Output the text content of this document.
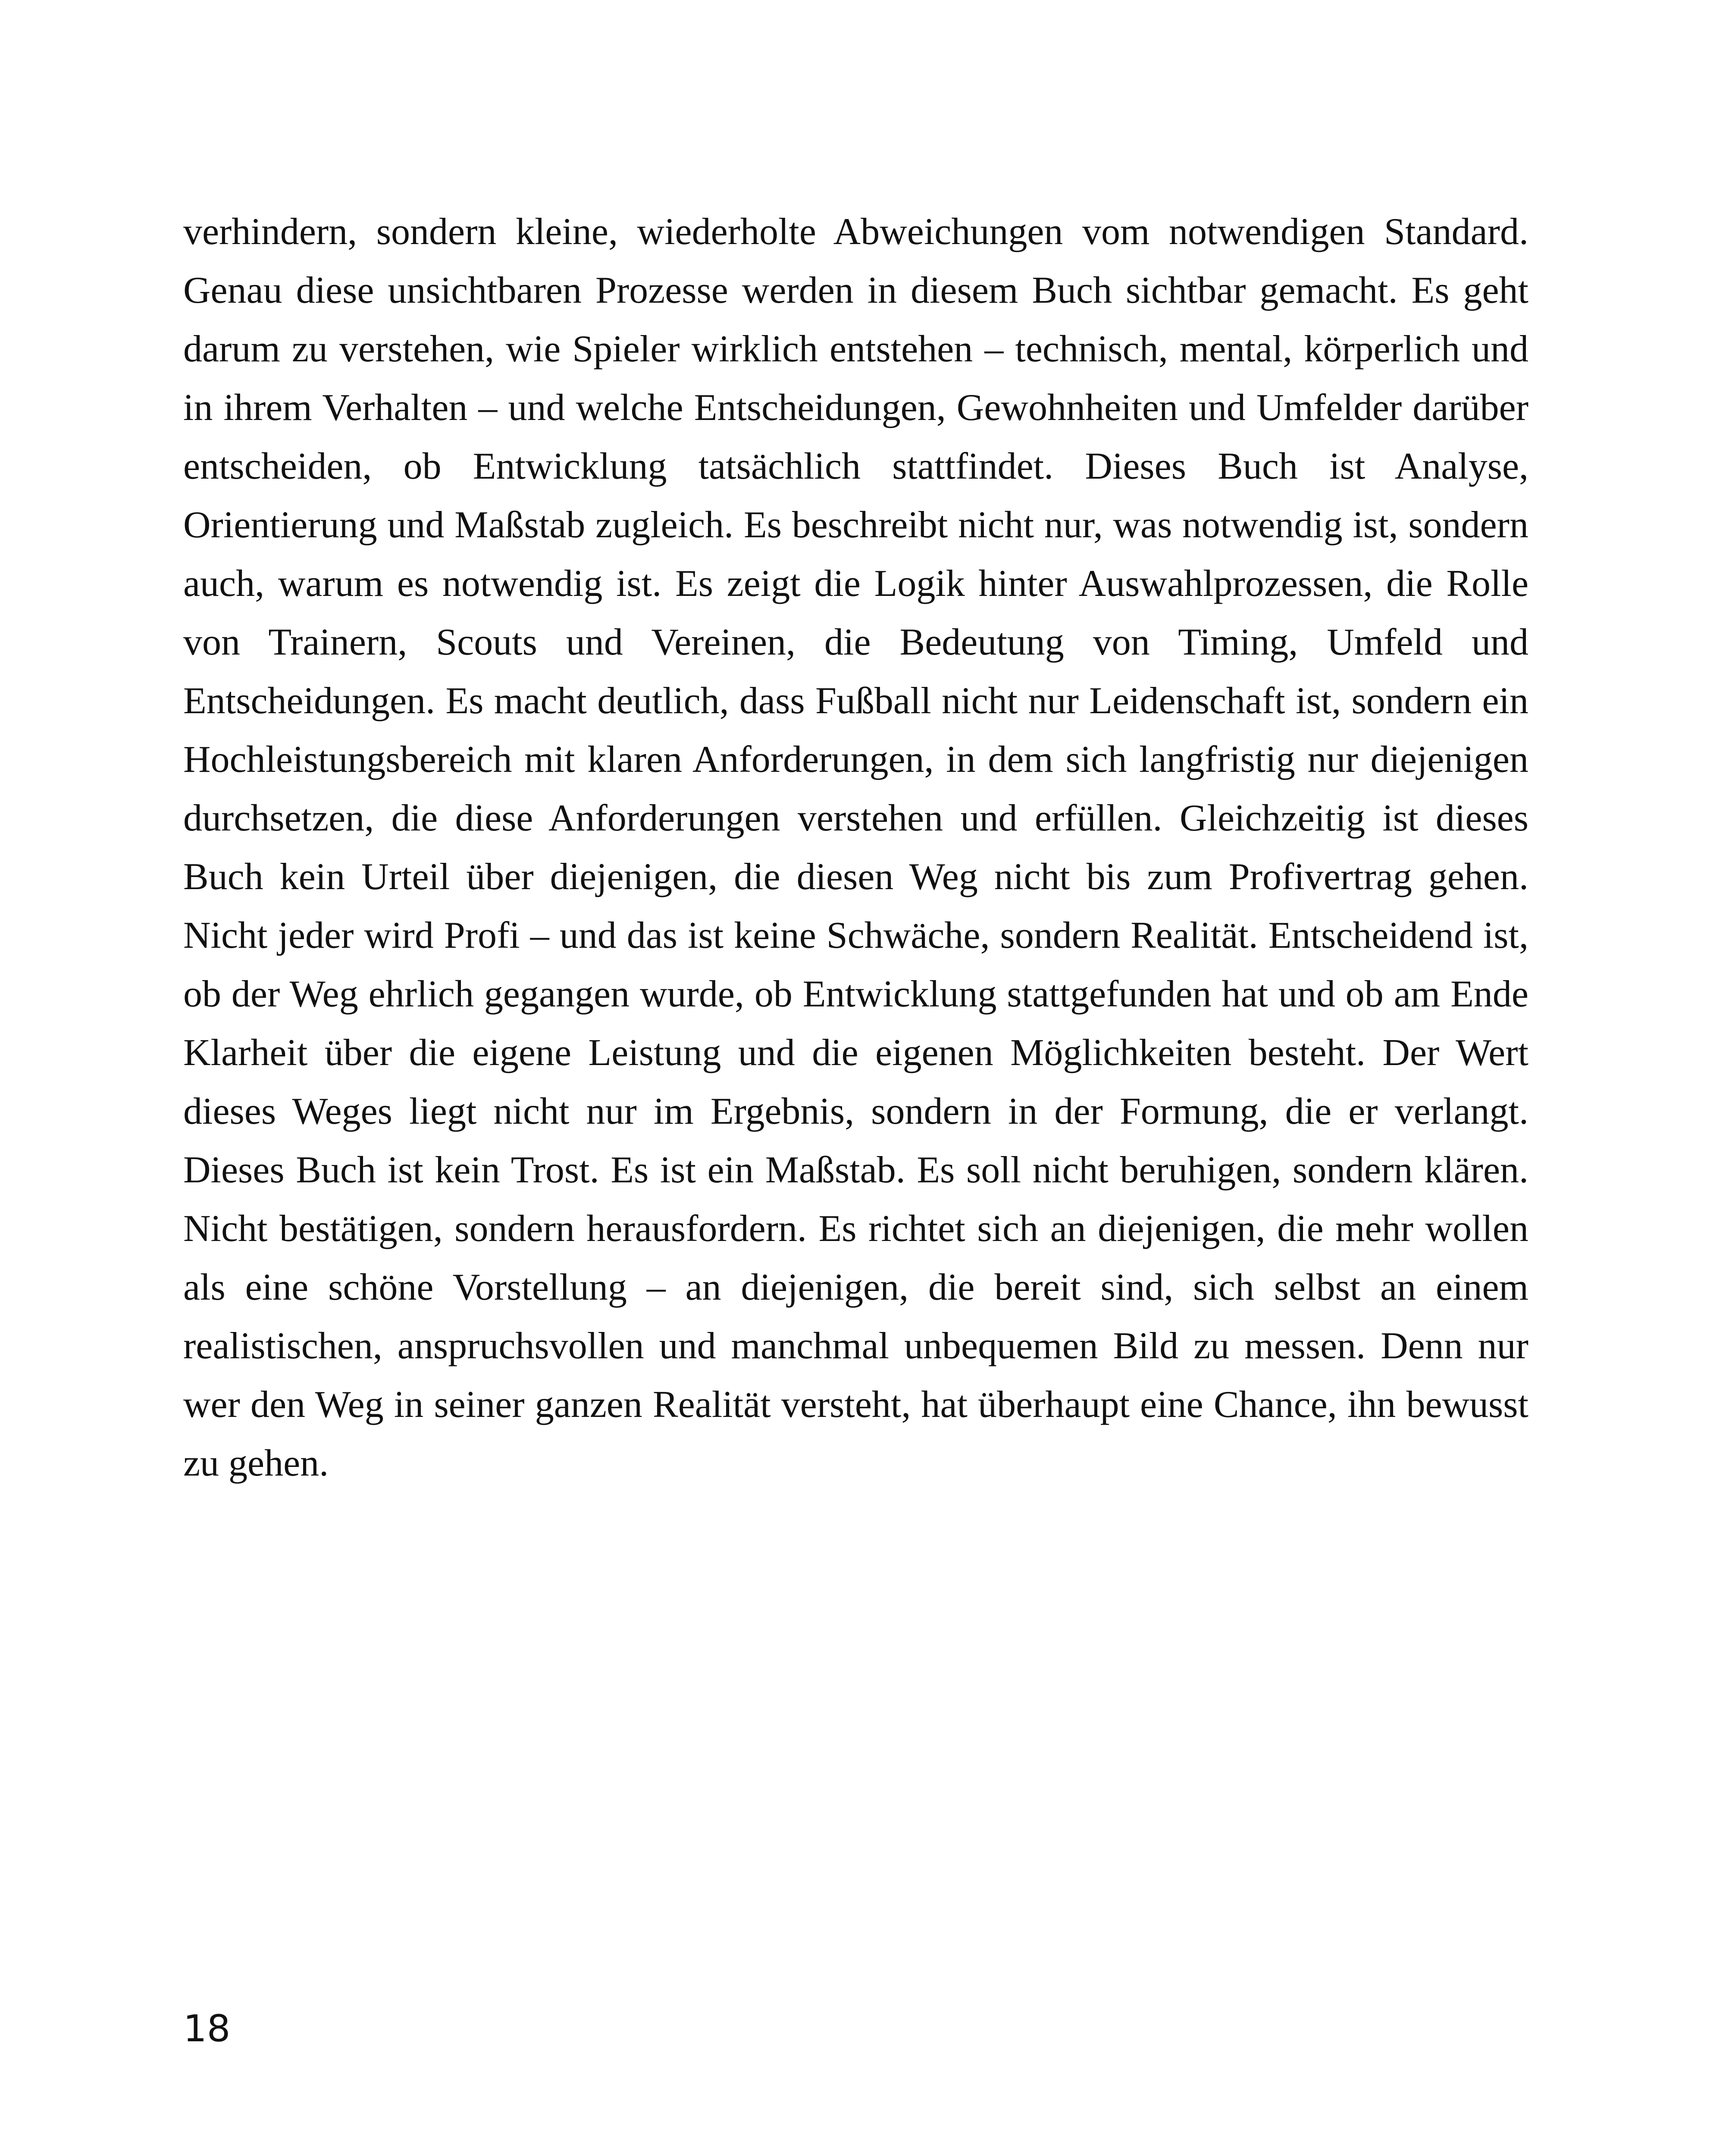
verhindern, sondern kleine, wiederholte Abweichungen vom notwendigen Standard. Genau diese unsichtbaren Prozesse werden in diesem Buch sichtbar gemacht. Es geht darum zu verstehen, wie Spieler wirklich entstehen – technisch, mental, körperlich und in ihrem Verhalten – und welche Entscheidungen, Gewohnheiten und Umfelder darüber entscheiden, ob Entwicklung tatsächlich stattfindet. Dieses Buch ist Analyse, Orientierung und Maßstab zugleich. Es beschreibt nicht nur, was notwendig ist, sondern auch, warum es notwendig ist. Es zeigt die Logik hinter Auswahlprozessen, die Rolle von Trainern, Scouts und Vereinen, die Bedeutung von Timing, Umfeld und Entscheidungen. Es macht deutlich, dass Fußball nicht nur Leidenschaft ist, sondern ein Hochleistungsbereich mit klaren Anforderungen, in dem sich langfristig nur diejenigen durchsetzen, die diese Anforderungen verstehen und erfüllen. Gleichzeitig ist dieses Buch kein Urteil über diejenigen, die diesen Weg nicht bis zum Profivertrag gehen. Nicht jeder wird Profi – und das ist keine Schwäche, sondern Realität. Entscheidend ist, ob der Weg ehrlich gegangen wurde, ob Entwicklung stattgefunden hat und ob am Ende Klarheit über die eigene Leistung und die eigenen Möglichkeiten besteht. Der Wert dieses Weges liegt nicht nur im Ergebnis, sondern in der Formung, die er verlangt. Dieses Buch ist kein Trost. Es ist ein Maßstab. Es soll nicht beruhigen, sondern klären. Nicht bestätigen, sondern herausfordern. Es richtet sich an diejenigen, die mehr wollen als eine schöne Vorstellung – an diejenigen, die bereit sind, sich selbst an einem realistischen, anspruchsvollen und manchmal unbequemen Bild zu messen. Denn nur wer den Weg in seiner ganzen Realität versteht, hat überhaupt eine Chance, ihn bewusst zu gehen.

18
